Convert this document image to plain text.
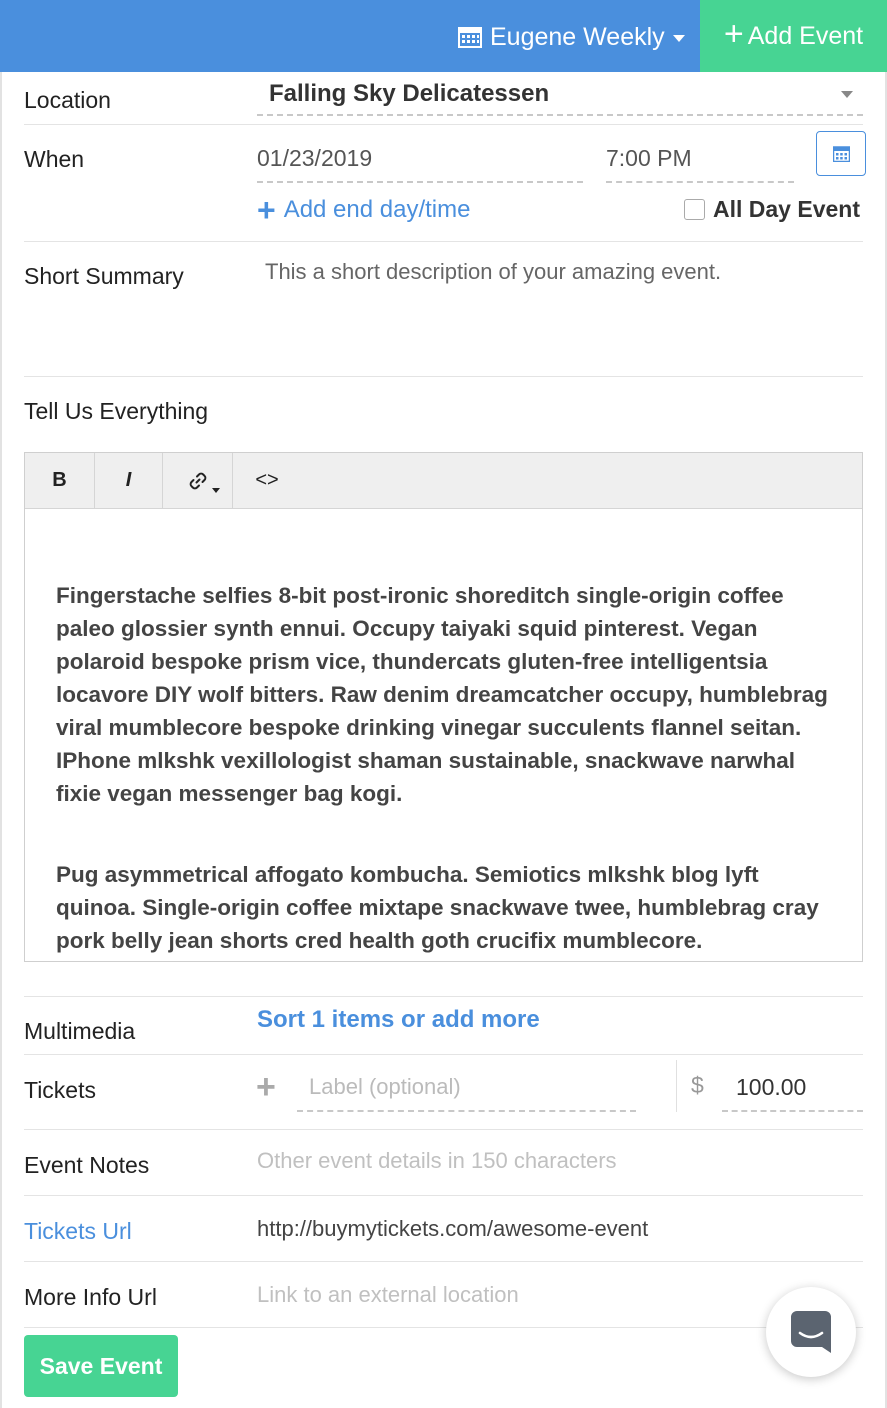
Eugene Weekly + Add Event
Location	Falling Sky Delicatessen
When	01/23/2019	7:00 PM
+ Add end day/time	All Day Event
Short Summary	This a short description of your amazing event.
Tell Us Everything
B	I	<>
Fingerstache selfies 8-bit post-ironic shoreditch single-origin coffee paleo glossier synth ennui. Occupy taiyaki squid pinterest. Vegan polaroid bespoke prism vice, thundercats gluten-free intelligentsia locavore DIY wolf bitters. Raw denim dreamcatcher occupy, humblebrag viral mumblecore bespoke drinking vinegar succulents flannel seitan. IPhone mlkshk vexillologist shaman sustainable, snackwave narwhal fixie vegan messenger bag kogi.
Pug asymmetrical affogato kombucha. Semiotics mlkshk blog lyft quinoa. Single-origin coffee mixtape snackwave twee, humblebrag cray pork belly jean shorts cred health goth crucifix mumblecore.
Multimedia	Sort 1 items or add more
Tickets	+	Label (optional)	$	100.00
Event Notes	Other event details in 150 characters
Tickets Url	http://buymytickets.com/awesome-event
More Info Url	Link to an external location
Save Event
